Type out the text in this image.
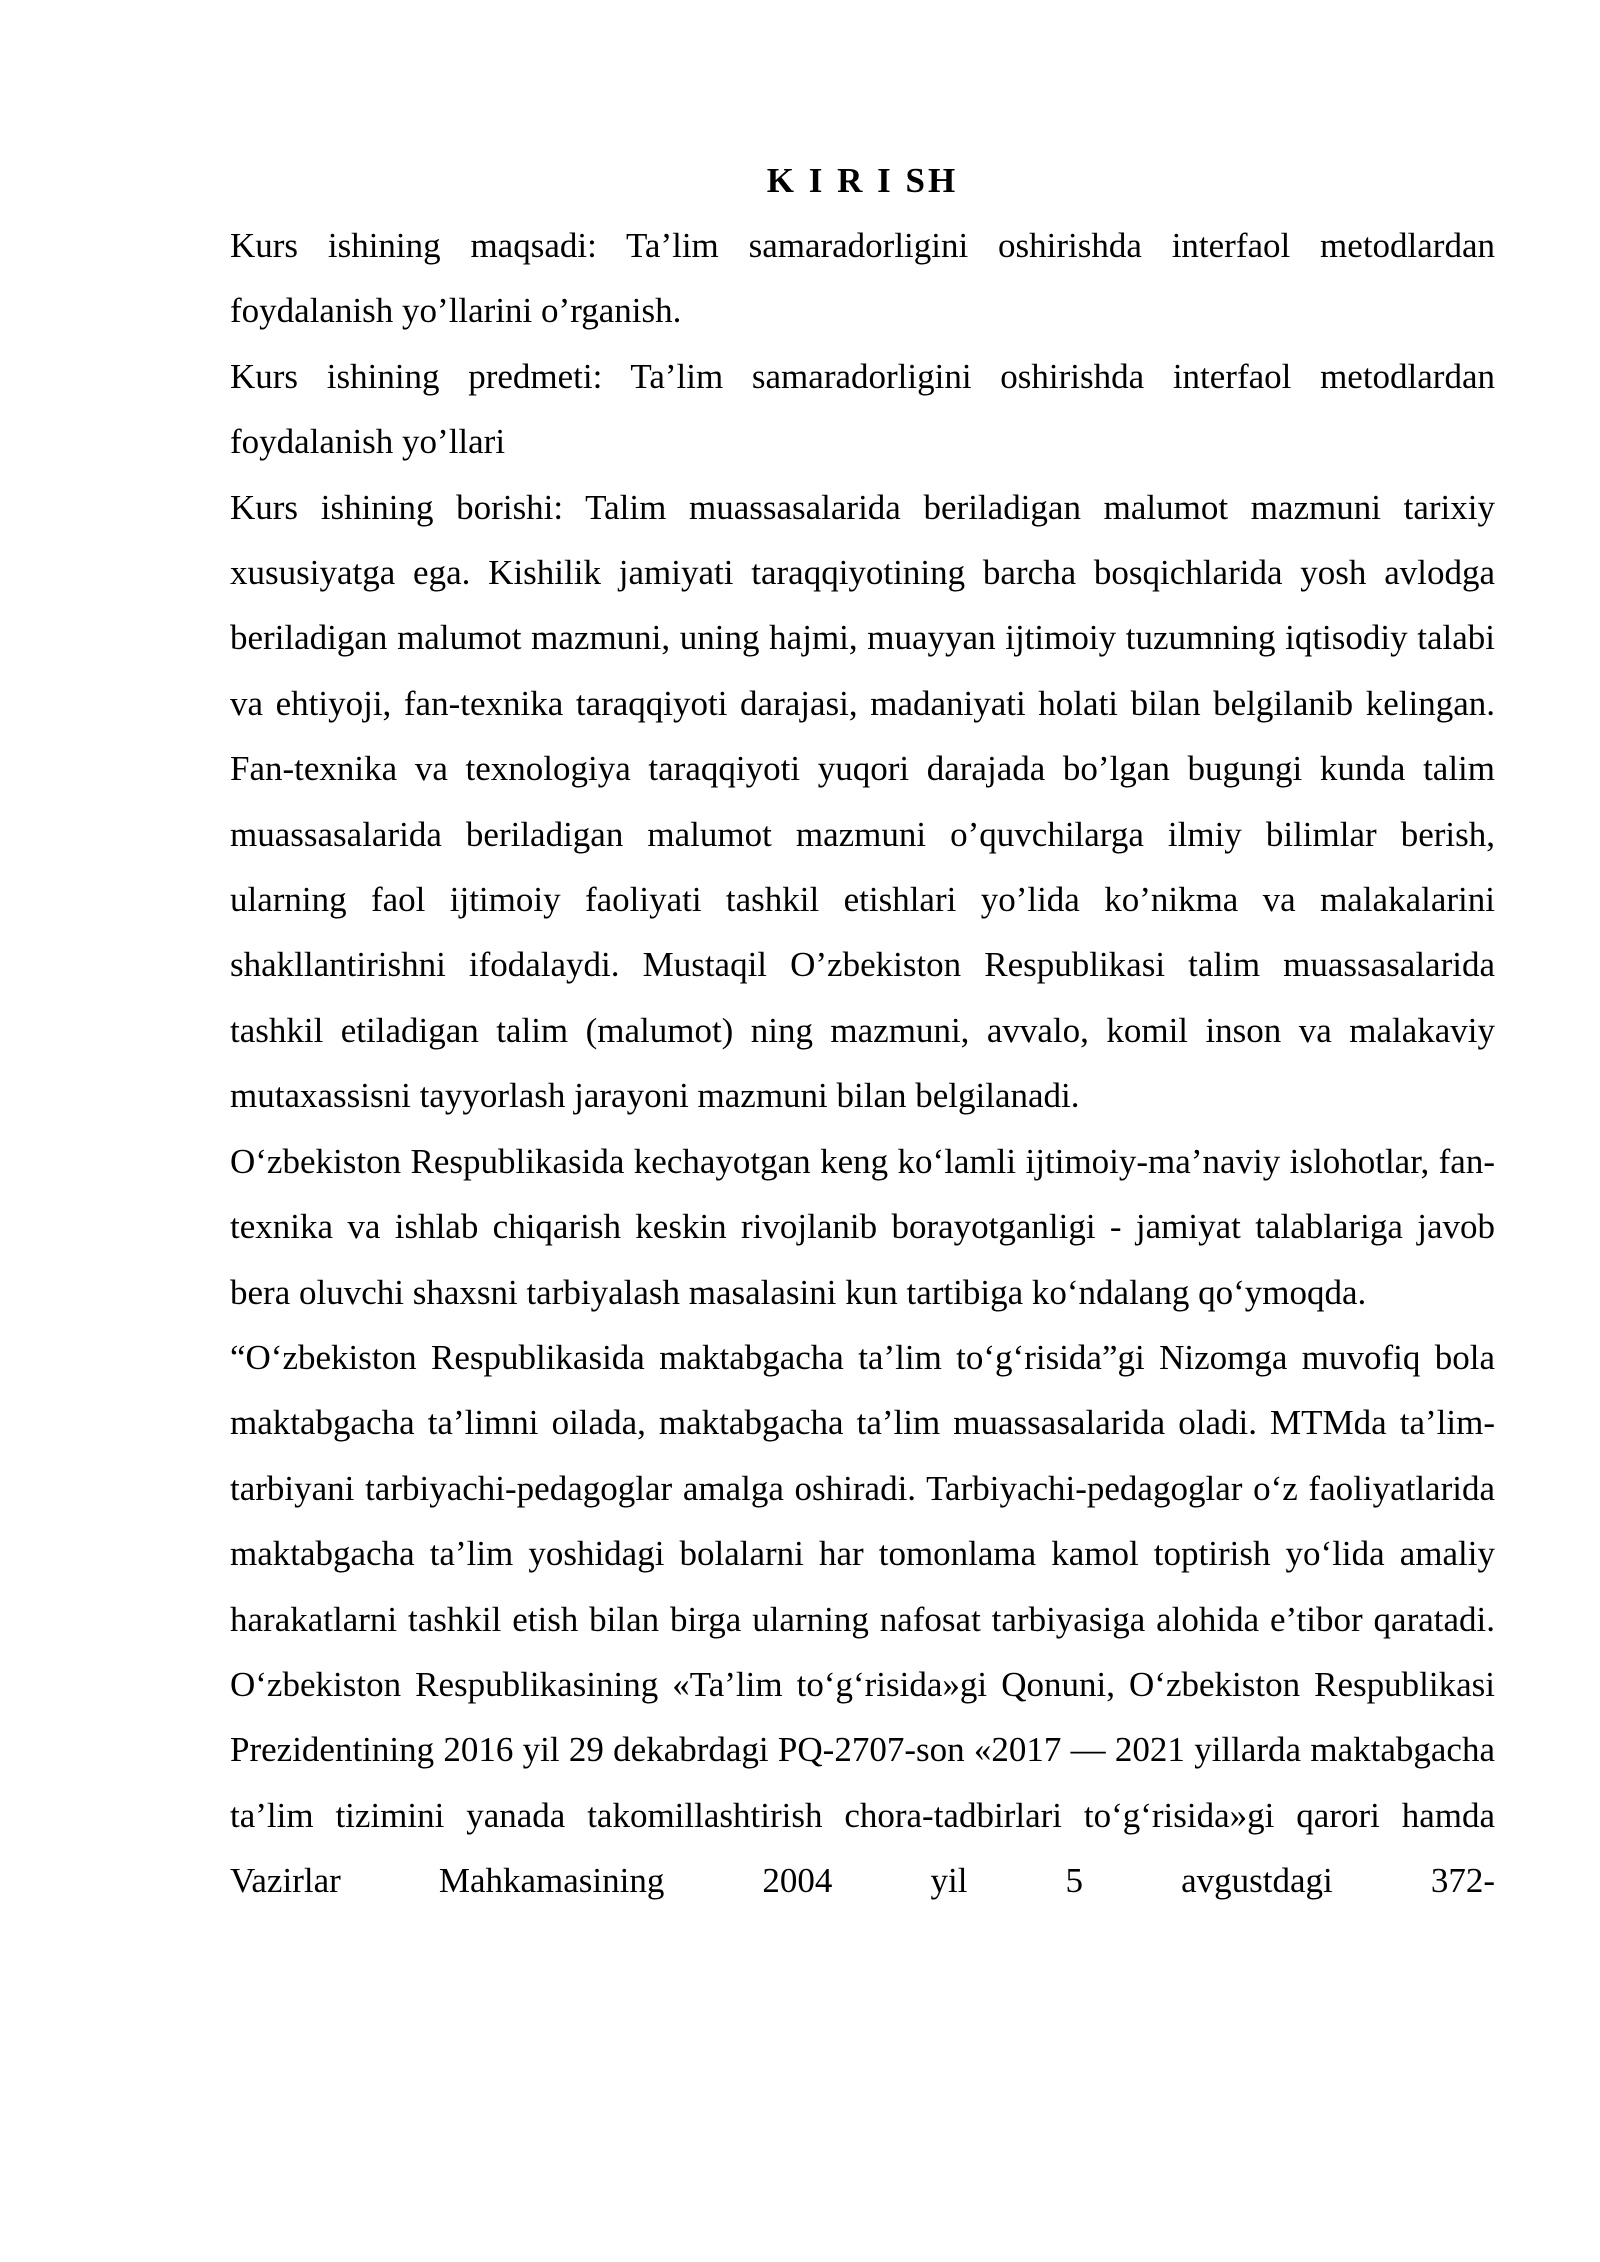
K I R I SH

Kurs ishining maqsadi: Ta’lim samaradorligini oshirishda interfaol metodlardan foydalanish yo’llarini o’rganish.

Kurs ishining predmeti: Ta’lim samaradorligini oshirishda interfaol metodlardan foydalanish yo’llari

Kurs ishining borishi: Talim muassasalarida beriladigan malumot mazmuni tarixiy xususiyatga ega. Kishilik jamiyati taraqqiyotining barcha bosqichlarida yosh avlodga beriladigan malumot mazmuni, uning hajmi, muayyan ijtimoiy tuzumning iqtisodiy talabi va ehtiyoji, fan-texnika taraqqiyoti darajasi, madaniyati holati bilan belgilanib kelingan. Fan-texnika va texnologiya taraqqiyoti yuqori darajada bo’lgan bugungi kunda talim muassasalarida beriladigan malumot mazmuni o’quvchilarga ilmiy bilimlar berish, ularning faol ijtimoiy faoliyati tashkil etishlari yo’lida ko’nikma va malakalarini shakllantirishni ifodalaydi. Mustaqil O’zbekiston Respublikasi talim muassasalarida tashkil etiladigan talim (malumot) ning mazmuni, avvalo, komil inson va malakaviy mutaxassisni tayyorlash jarayoni mazmuni bilan belgilanadi.

O‘zbekiston Respublikasida kechayotgan keng ko‘lamli ijtimoiy-ma’naviy islohotlar, fan-texnika va ishlab chiqarish keskin rivojlanib borayotganligi - jamiyat talablariga javob bera oluvchi shaxsni tarbiyalash masalasini kun tartibiga ko‘ndalang qo‘ymoqda.

“O‘zbekiston Respublikasida maktabgacha ta’lim to‘g‘risida”gi Nizomga muvofiq bola maktabgacha ta’limni oilada, maktabgacha ta’lim muassasalarida oladi. MTMda ta’lim-tarbiyani tarbiyachi-pedagoglar amalga oshiradi. Tarbiyachi-pedagoglar o‘z faoliyatlarida maktabgacha ta’lim yoshidagi bolalarni har tomonlama kamol toptirish yo‘lida amaliy harakatlarni tashkil etish bilan birga ularning nafosat tarbiyasiga alohida e’tibor qaratadi.

O‘zbekiston Respublikasining «Ta’lim to‘g‘risida»gi Qonuni, O‘zbekiston Respublikasi Prezidentining 2016 yil 29 dekabrdagi PQ-2707-son «2017 — 2021 yillarda maktabgacha ta’lim tizimini yanada takomillashtirish chora-tadbirlari to‘g‘risida»gi qarori hamda Vazirlar Mahkamasining 2004 yil 5 avgustdagi 372-
